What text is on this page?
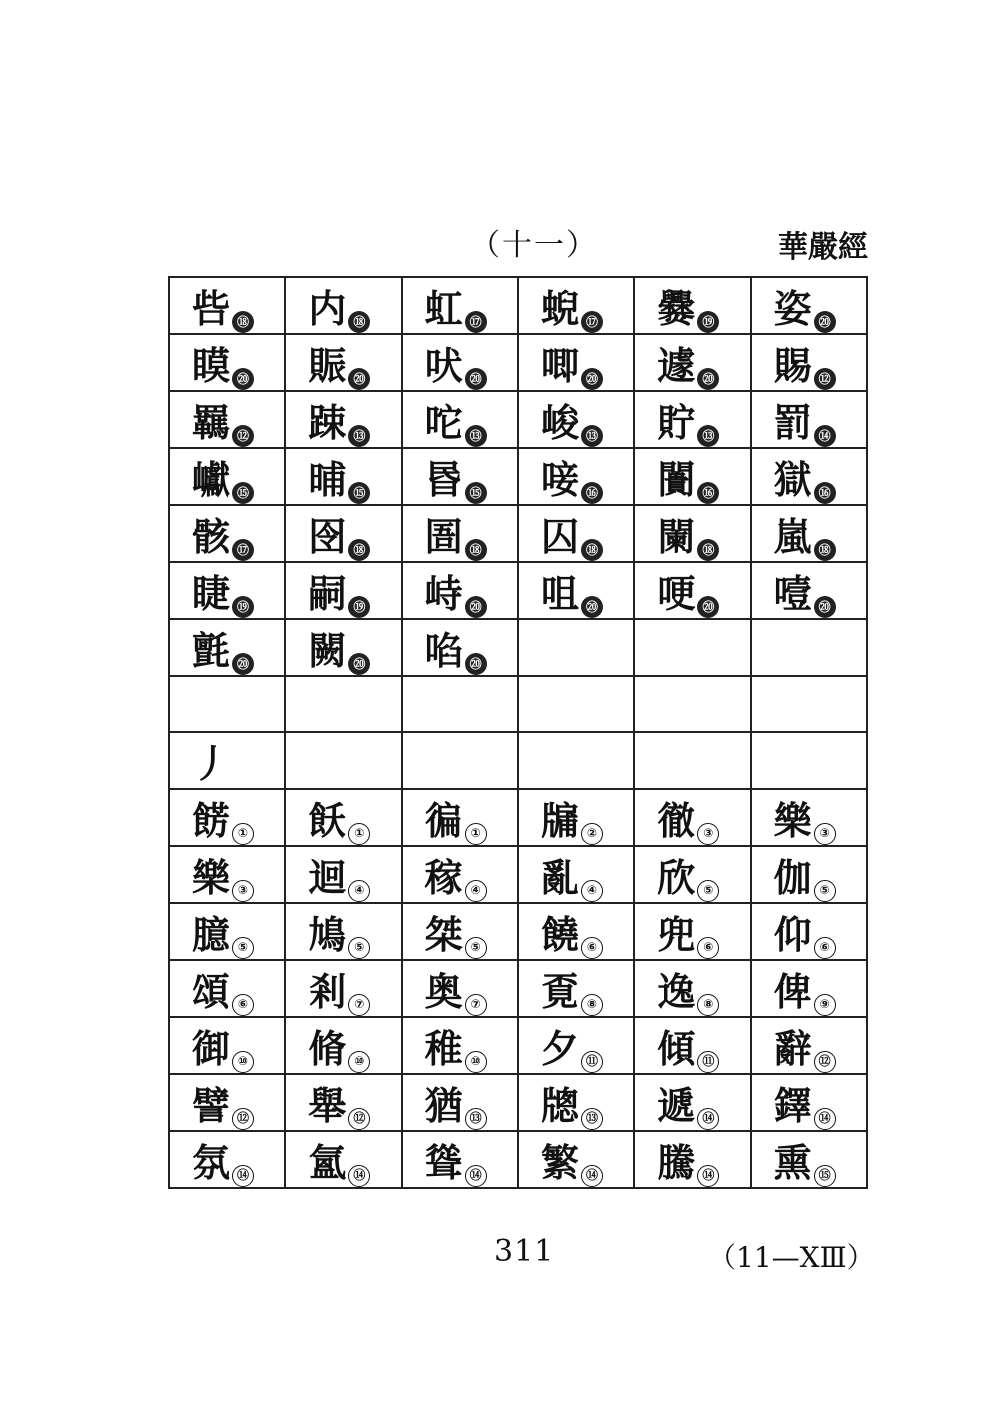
（十一）	華嚴經
呰 ⑱	内 ⑱	虹 ⑰	蜺 ⑰	爨 ⑲	姿 ⑳
瞙 ⑳	賑 ⑳	吠 ⑳	唧 ⑳	遽 ⑳	賜 ⑫
羈 ⑫	踈 ⑬	咜 ⑬	峻 ⑬	貯 ⑬	罰 ⑭
巘 ⑮	晡 ⑮	昬 ⑮	唼 ⑯	闠 ⑯	獄 ⑯
骸 ⑰	囹 ⑱	圄 ⑱	囚 ⑱	闌 ⑱	嵐 ⑱
睫 ⑲	嗣 ⑲	峙 ⑳	咀 ⑳	哽 ⑳	噎 ⑳
氈 ⑳	闕 ⑳	啗 ⑳			

丿					
餝 ①	飫 ①	徧 ①	牖 ②	徹 ③	樂 ③
樂 ③	迴 ④	稼 ④	亂 ④	欣 ⑤	伽 ⑤
臆 ⑤	鳩 ⑤	桀 ⑤	饒 ⑥	兜 ⑥	仰 ⑥
頌 ⑥	剎 ⑦	奥 ⑦	覔 ⑧	逸 ⑧	俾 ⑨
御 ⑩	脩 ⑩	稚 ⑩	夕 ⑪	傾 ⑪	辭 ⑫
譬 ⑫	舉 ⑫	猶 ⑬	牕 ⑬	遞 ⑭	鐸 ⑭
氛 ⑭	氳 ⑭	聳 ⑭	繁 ⑭	騰 ⑭	熏 ⑮
311	（11—XⅢ）
